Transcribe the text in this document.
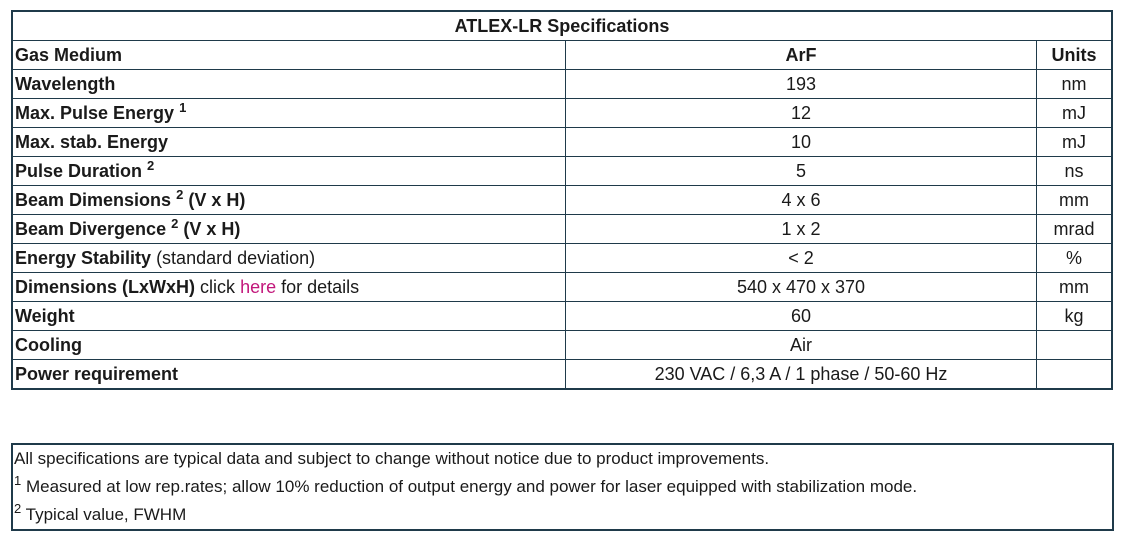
ATLEX-LR Specifications		
Gas Medium	ArF	Units
Wavelength	193	nm
Max. Pulse Energy $^1$	12	mJ
Max. stab. Energy	10	mJ
Pulse Duration $^2$	5	ns
Beam Dimensions $^2$ (V x H)	4 x 6	mm
Beam Divergence $^2$ (V x H)	1 x 2	mrad
Energy Stability (standard deviation)	< 2	%
Dimensions (LxWxH) click here for details	540 x 470 x 370	mm
Weight	60	kg
Cooling	Air	
Power requirement	230 VAC / 6,3 A / 1 phase / 50-60 Hz	
All specifications are typical data and subject to change without notice due to product improvements.
$^1$ Measured at low rep.rates; allow 10% reduction of output energy and power for laser equipped with stabilization mode.
$^2$ Typical value, FWHM
